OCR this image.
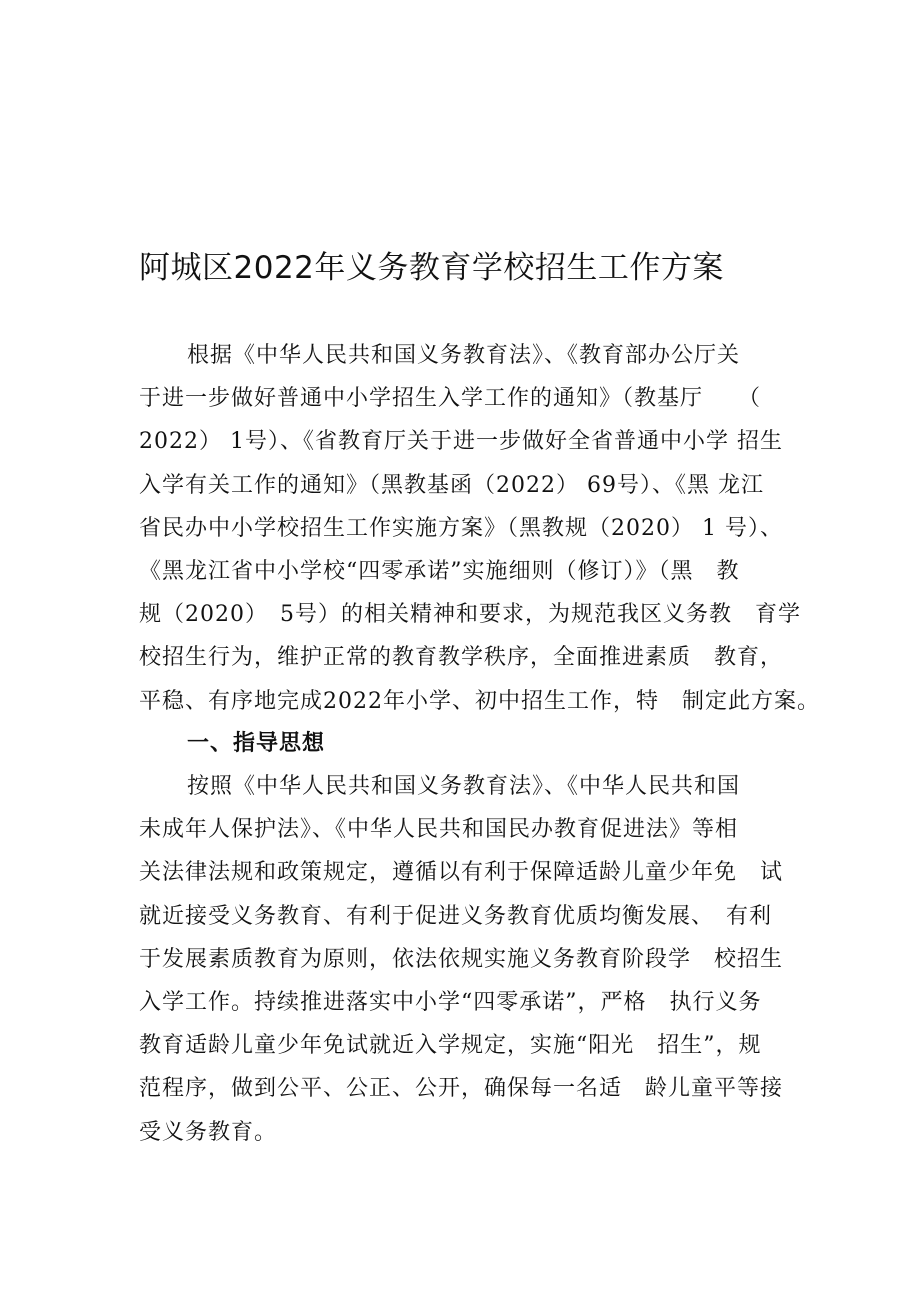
阿城区2022年义务教育学校招生工作方案

根据《中华人民共和国义务教育法》、《教育部办公厅关
于进一步做好普通中小学招生入学工作的通知》（教基厅　　（
2022） 1号）、《省教育厅关于进一步做好全省普通中小学 招生
入学有关工作的通知》（黑教基函（2022） 69号）、《黑 龙江
省民办中小学校招生工作实施方案》（黑教规（2020） 1 号）、
《黑龙江省中小学校“四零承诺”实施细则（修订）》（黑　教
规（2020）　5号）的相关精神和要求，为规范我区义务教　育学
校招生行为，维护正常的教育教学秩序，全面推进素质　教育，
平稳、有序地完成2022年小学、初中招生工作，特　制定此方案。

一、指导思想

按照《中华人民共和国义务教育法》、《中华人民共和国
未成年人保护法》、《中华人民共和国民办教育促进法》等相
关法律法规和政策规定，遵循以有利于保障适龄儿童少年免　试
就近接受义务教育、有利于促进义务教育优质均衡发展、　有利
于发展素质教育为原则，依法依规实施义务教育阶段学　校招生
入学工作。持续推进落实中小学“四零承诺”，严格　执行义务
教育适龄儿童少年免试就近入学规定，实施“阳光　招生”，规
范程序，做到公平、公正、公开，确保每一名适　龄儿童平等接
受义务教育。
